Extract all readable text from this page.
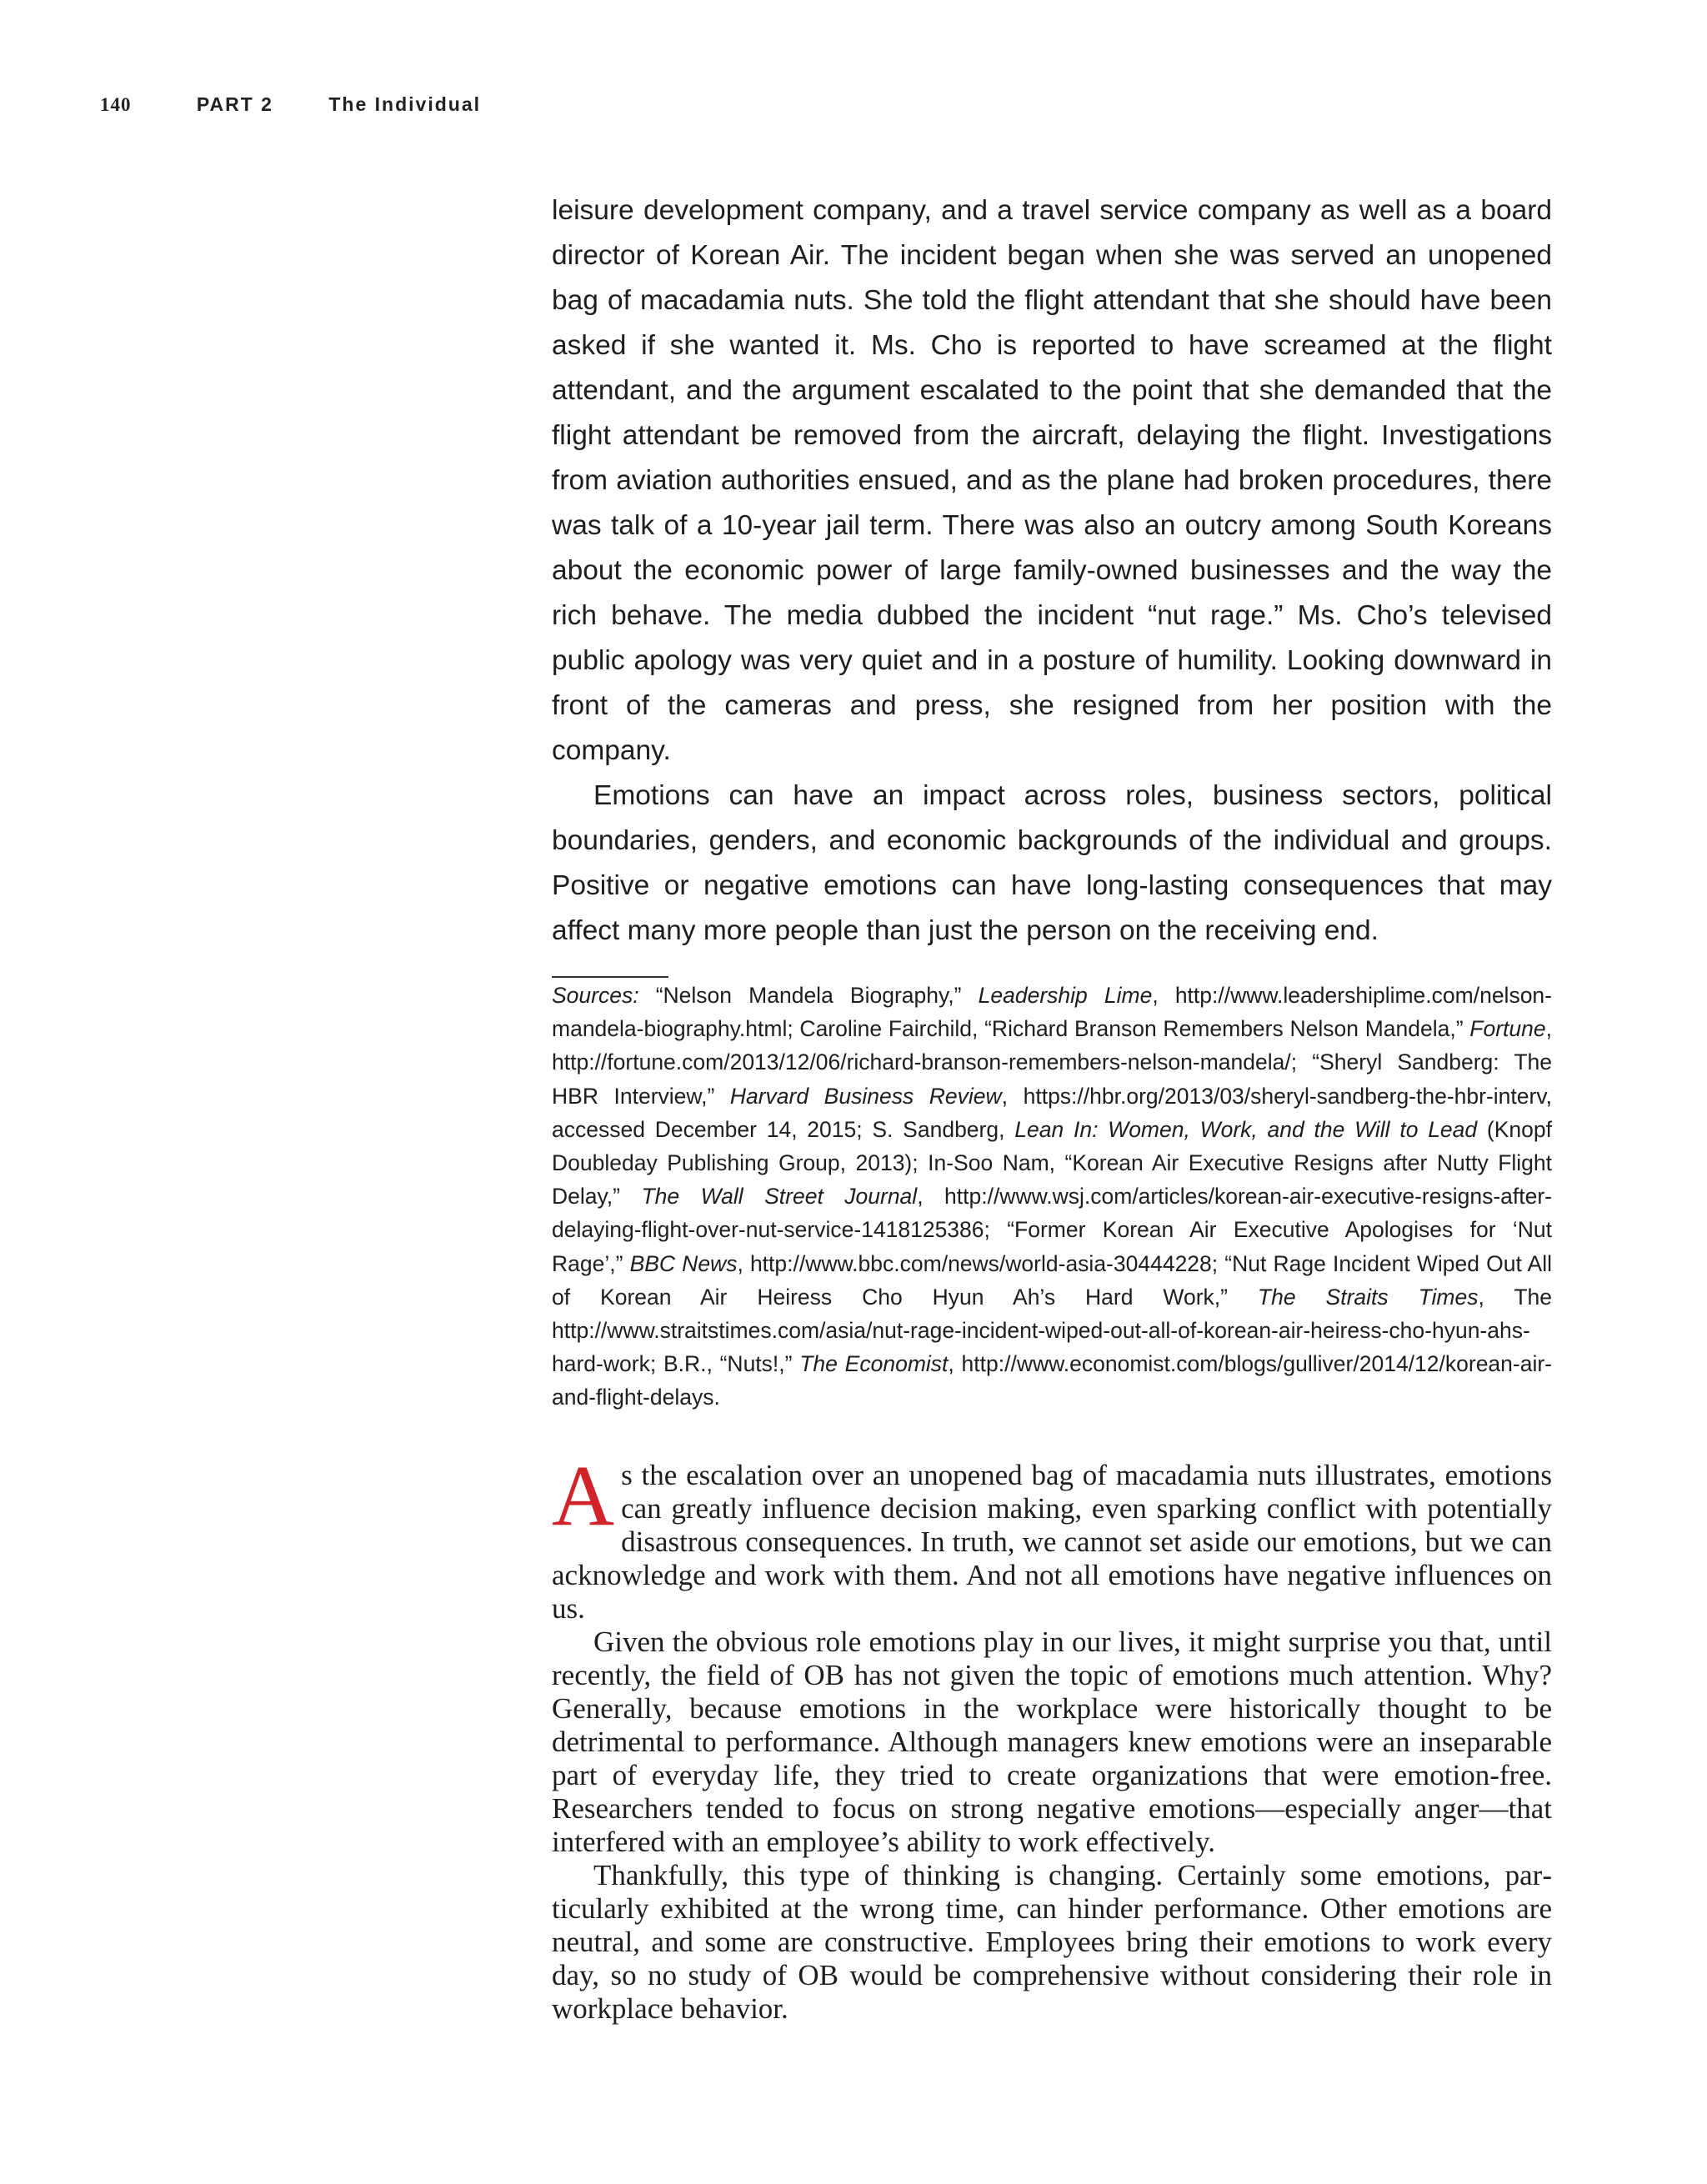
140	PART 2	The Individual

leisure development company, and a travel service company as well as a board director of Korean Air. The incident began when she was served an unopened bag of macadamia nuts. She told the flight attendant that she should have been asked if she wanted it. Ms. Cho is reported to have screamed at the flight attendant, and the argument escalated to the point that she demanded that the flight attendant be removed from the aircraft, delaying the flight. Investigations from aviation authorities ensued, and as the plane had broken procedures, there was talk of a 10-year jail term. There was also an outcry among South Koreans about the economic power of large family-owned businesses and the way the rich behave. The media dubbed the incident “nut rage.” Ms. Cho’s televised public apology was very quiet and in a posture of humility. Looking downward in front of the cameras and press, she resigned from her position with the company.

Emotions can have an impact across roles, business sectors, political boundaries, genders, and economic backgrounds of the individual and groups. Positive or negative emotions can have long-lasting consequences that may affect many more people than just the person on the receiving end.

Sources: “Nelson Mandela Biography,” Leadership Lime, http://www.leadershiplime.com/nelson-mandela-biography.html; Caroline Fairchild, “Richard Branson Remembers Nelson Mandela,” Fortune, http://fortune.com/2013/12/06/richard-branson-remembers-nelson-mandela/; “Sheryl Sandberg: The HBR Interview,” Harvard Business Review, https://hbr.org/2013/03/sheryl-sandberg-the-hbr-interv, accessed December 14, 2015; S. Sandberg, Lean In: Women, Work, and the Will to Lead (Knopf Doubleday Publishing Group, 2013); In-Soo Nam, “Korean Air Executive Resigns after Nutty Flight Delay,” The Wall Street Journal, http://www.wsj.com/articles/korean-air-executive-resigns-after-delaying-flight-over-nut-service-1418125386; “Former Korean Air Executive Apologises for ‘Nut Rage’,” BBC News, http://www.bbc.com/news/world-asia-30444228; “Nut Rage Incident Wiped Out All of Korean Air Heiress Cho Hyun Ah’s Hard Work,” The Straits Times, The http://www.straitstimes.com/asia/nut-rage-incident-wiped-out-all-of-korean-air-heiress-cho-hyun-ahs-hard-work; B.R., “Nuts!,” The Economist, http://www.economist.com/blogs/gulliver/2014/12/korean-air-and-flight-delays.

As the escalation over an unopened bag of macadamia nuts illustrates, emotions can greatly influence decision making, even sparking conflict with potentially disastrous consequences. In truth, we cannot set aside our emotions, but we can acknowledge and work with them. And not all emotions have negative influences on us.

Given the obvious role emotions play in our lives, it might surprise you that, until recently, the field of OB has not given the topic of emotions much attention. Why? Generally, because emotions in the workplace were historically thought to be detrimental to performance. Although managers knew emotions were an inseparable part of everyday life, they tried to create organizations that were emotion-free. Researchers tended to focus on strong negative emotions—especially anger—that interfered with an employee’s ability to work effectively.

Thankfully, this type of thinking is changing. Certainly some emotions, particularly exhibited at the wrong time, can hinder performance. Other emotions are neutral, and some are constructive. Employees bring their emotions to work every day, so no study of OB would be comprehensive without considering their role in workplace behavior.
